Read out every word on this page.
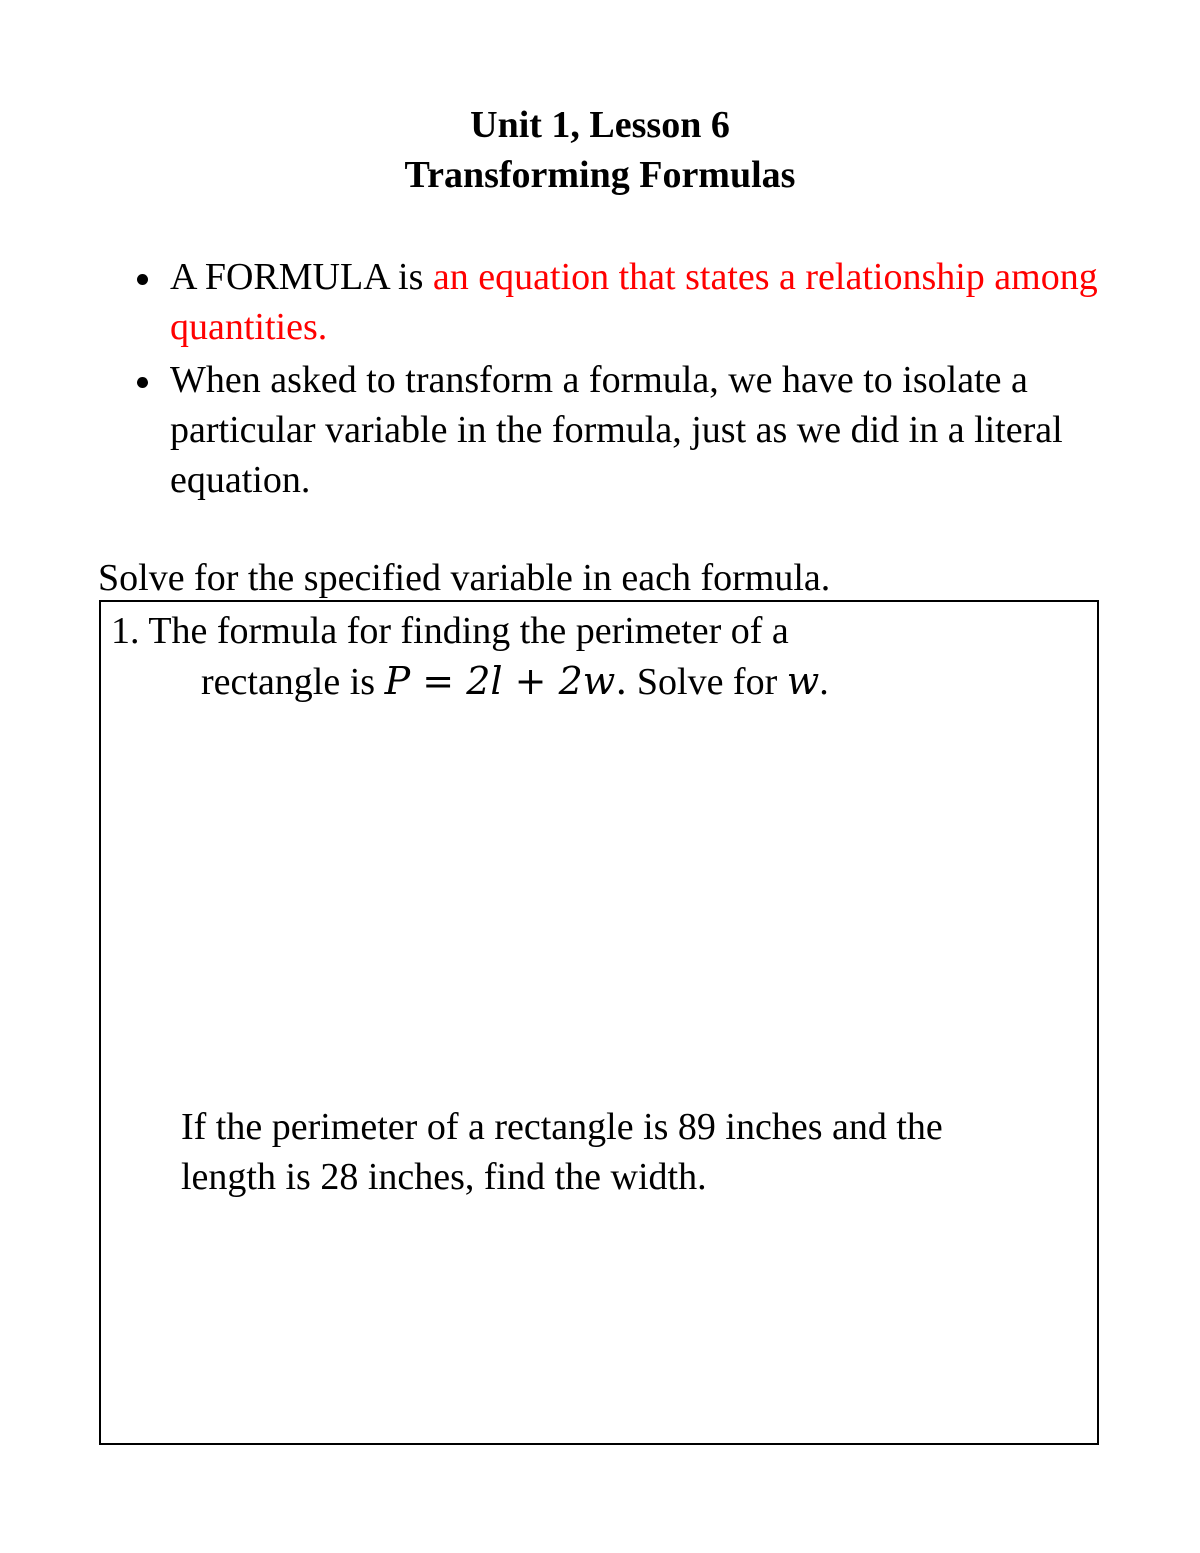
Unit 1, Lesson 6
Transforming Formulas
A FORMULA is an equation that states a relationship among quantities.
When asked to transform a formula, we have to isolate a particular variable in the formula, just as we did in a literal equation.
Solve for the specified variable in each formula.
1. The formula for finding the perimeter of a
rectangle is P = 2l + 2w. Solve for w.
If the perimeter of a rectangle is 89 inches and the
length is 28 inches, find the width.
